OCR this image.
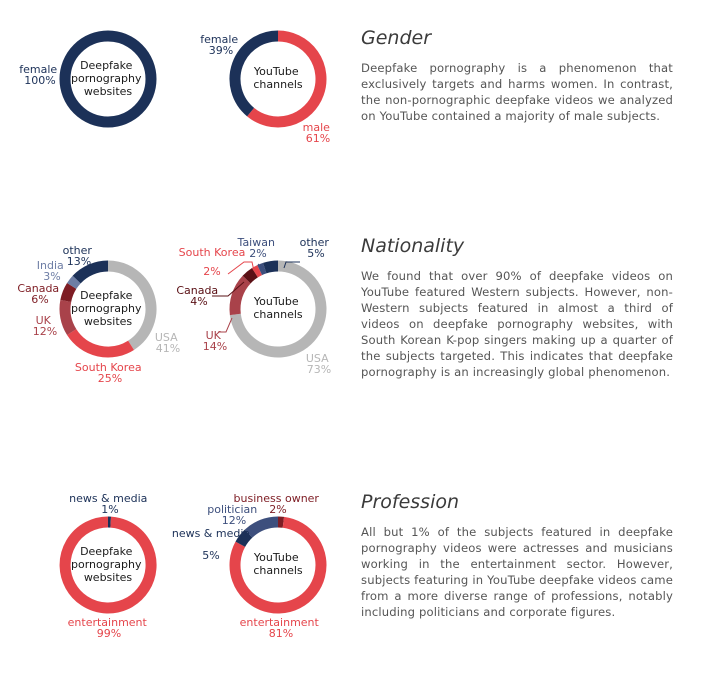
Deepfake pornography websites
female 100%
YouTube channels
female 39%
male 61%
Deepfake pornography websites
other 13%
India 3%
Canada 6%
UK 12%	USA 41%
South Korea 25%
YouTube channels
Taiwan 2%
other 5%
South Korea
2%
Canada 4%
UK 14%
USA 73%
Deepfake pornography websites
news & media 1%
entertainment 99%
YouTube channels
business owner 2%
politician 12%
news & media
5%
entertainment 81%
Gender

Deepfake pornography is a phenomenon that exclusively targets and harms women. In contrast, the non-pornographic deepfake videos we analyzed on YouTube contained a majority of male subjects.

Nationality

We found that over 90% of deepfake videos on YouTube featured Western subjects. However, non-Western subjects featured in almost a third of videos on deepfake pornography websites, with South Korean K-pop singers making up a quarter of the subjects targeted. This indicates that deepfake pornography is an increasingly global phenomenon.

Profession

All but 1% of the subjects featured in deepfake pornography videos were actresses and musicians working in the entertainment sector. However, subjects featuring in YouTube deepfake videos came from a more diverse range of professions, notably including politicians and corporate figures.
